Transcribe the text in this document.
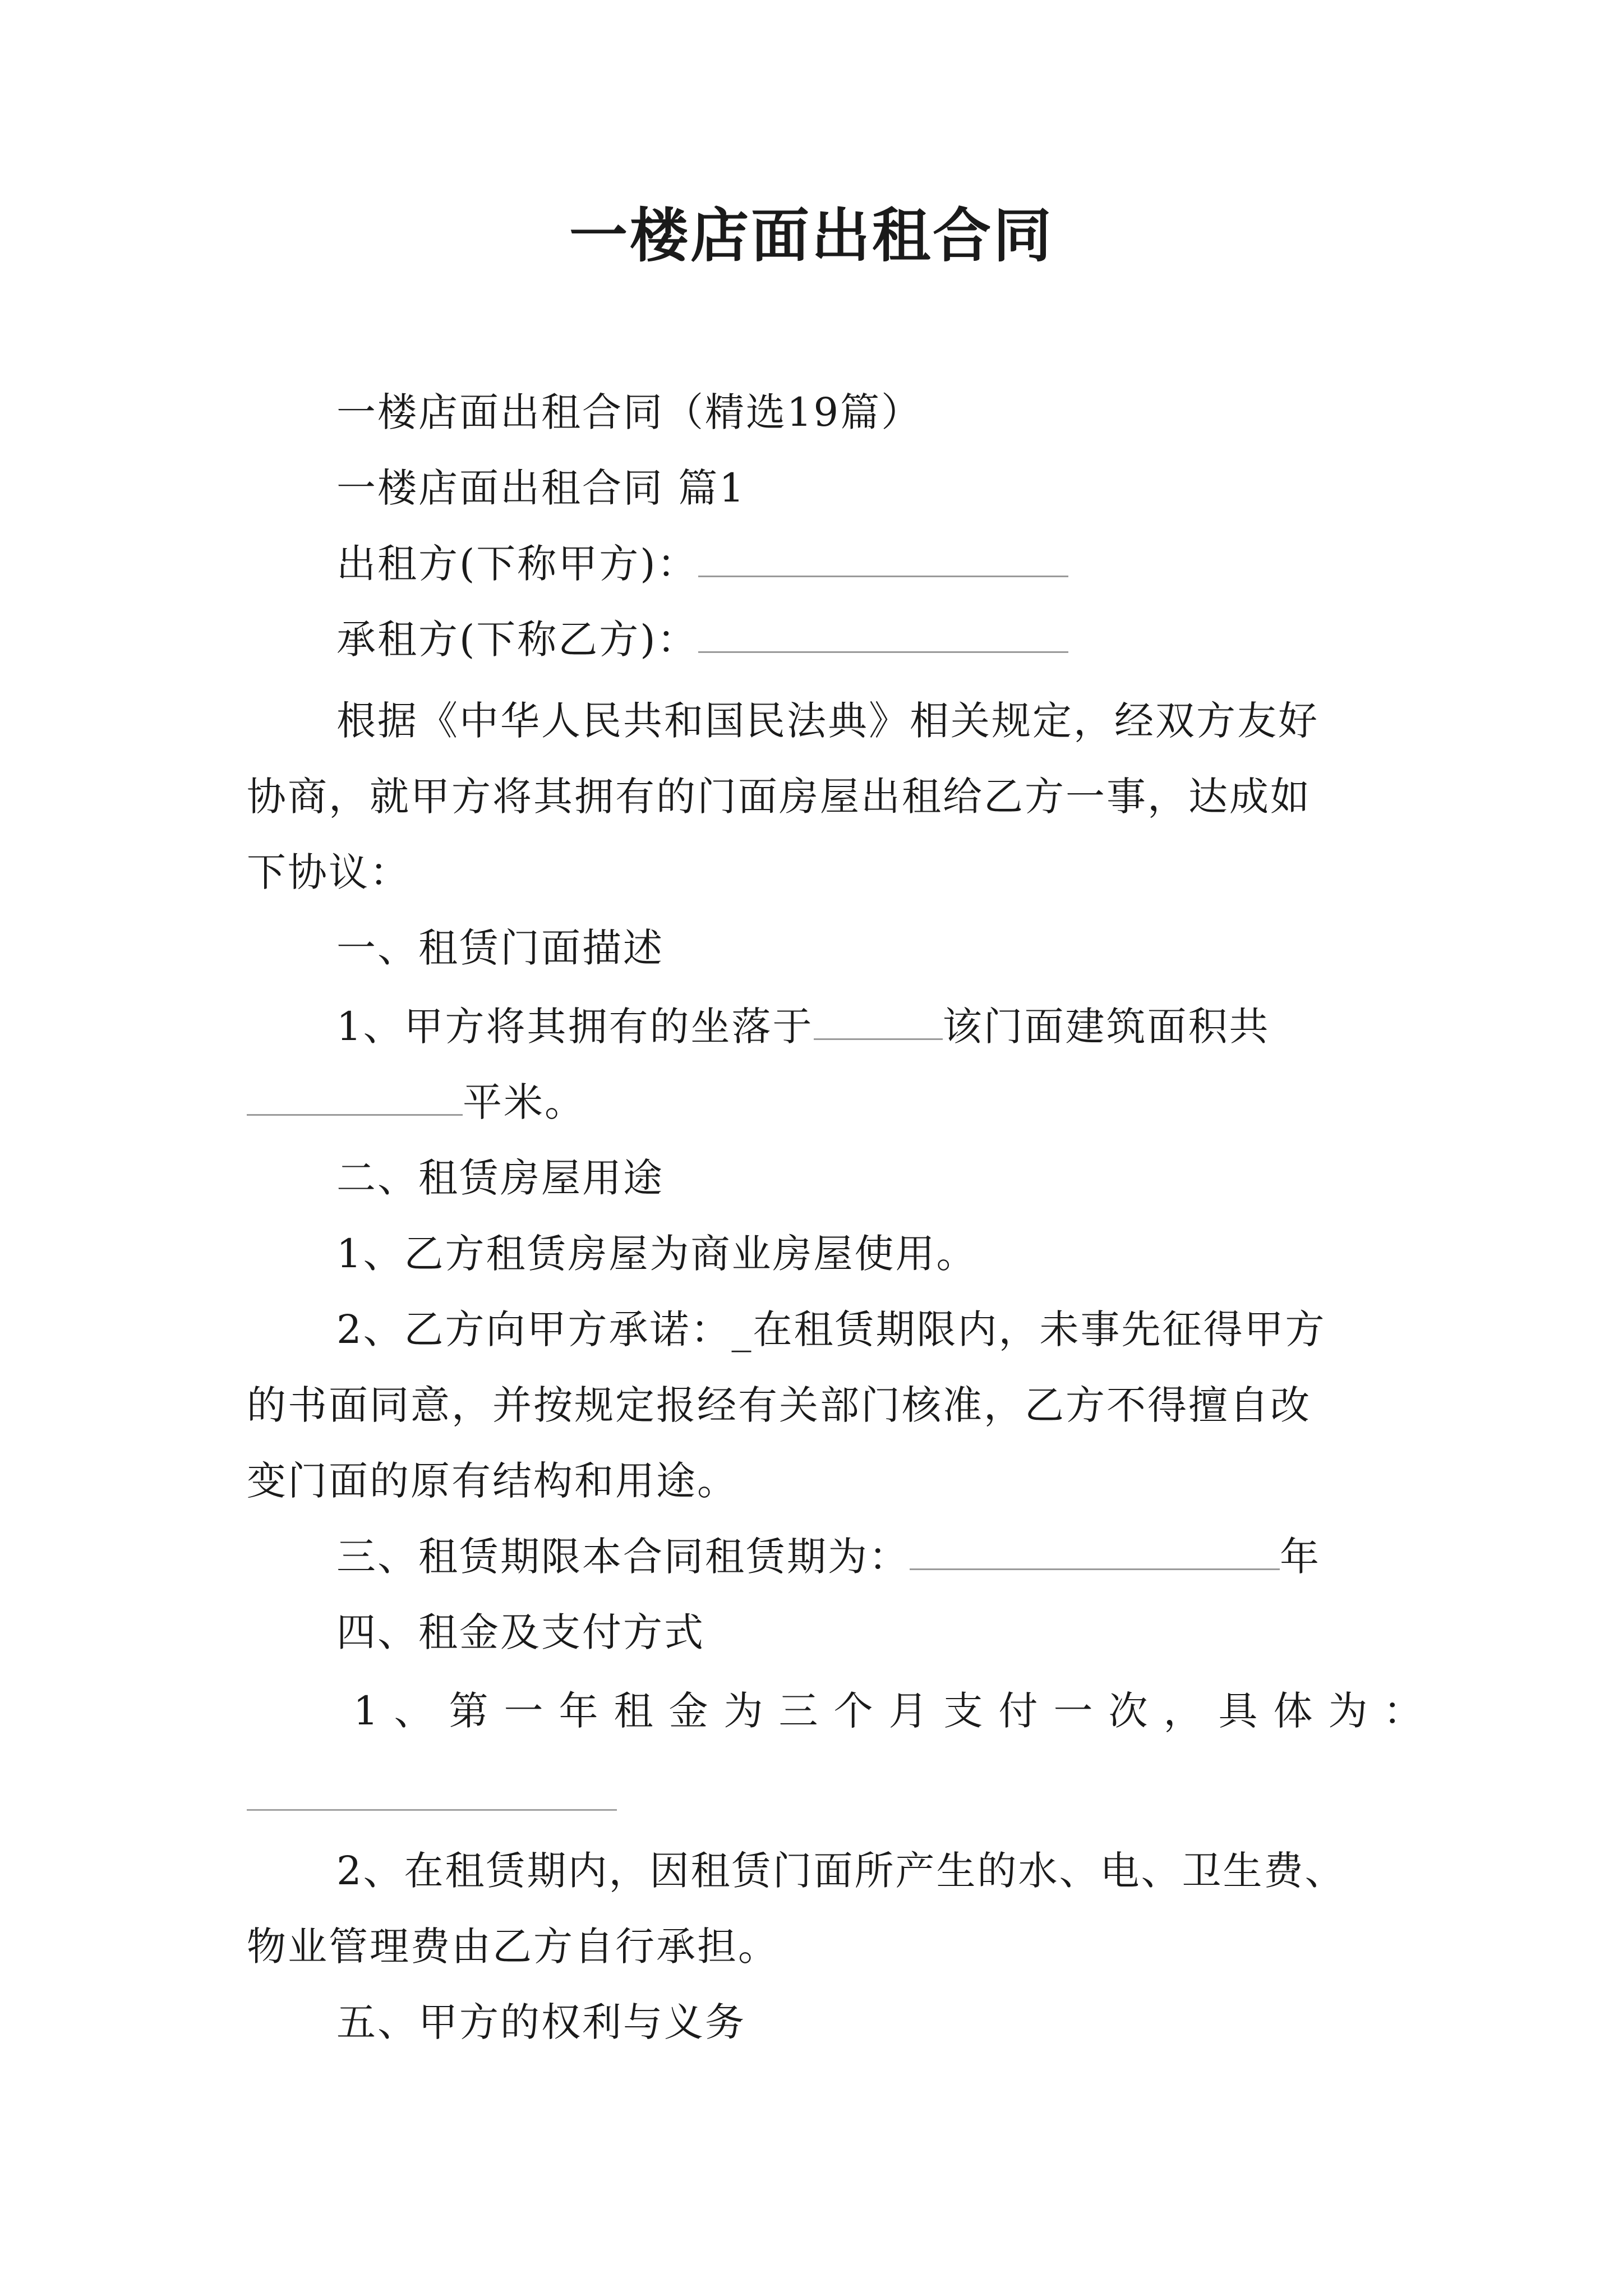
一楼店面出租合同
一楼店面出租合同（精选19篇）
一楼店面出租合同 篇1
出租方(下称甲方)：
承租方(下称乙方)：
根据《中华人民共和国民法典》相关规定，经双方友好
协商，就甲方将其拥有的门面房屋出租给乙方一事，达成如
下协议：
一、租赁门面描述
1、甲方将其拥有的坐落于	该门面建筑面积共
平米。
二、租赁房屋用途
1、乙方租赁房屋为商业房屋使用。
2、乙方向甲方承诺：_在租赁期限内，未事先征得甲方
的书面同意，并按规定报经有关部门核准，乙方不得擅自改
变门面的原有结构和用途。
三、租赁期限本合同租赁期为：	年
四、租金及支付方式
1、第一年租金为三个月支付一次，具体为：
2、在租赁期内，因租赁门面所产生的水、电、卫生费、
物业管理费由乙方自行承担。
五、甲方的权利与义务
